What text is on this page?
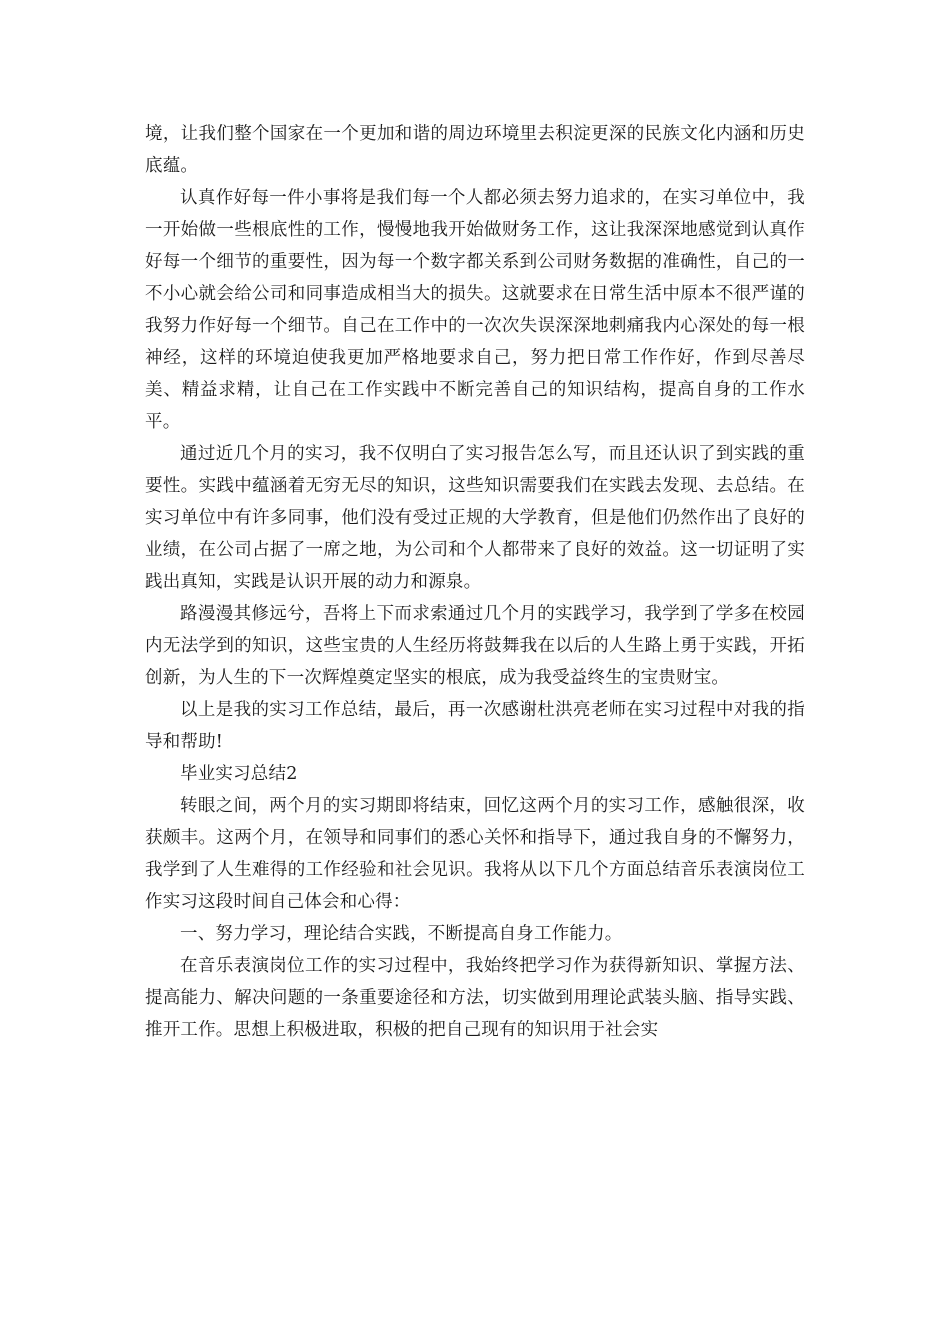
境，让我们整个国家在一个更加和谐的周边环境里去积淀更深的民族文化内涵和历史底蕴。

认真作好每一件小事将是我们每一个人都必须去努力追求的，在实习单位中，我一开始做一些根底性的工作，慢慢地我开始做财务工作，这让我深深地感觉到认真作好每一个细节的重要性，因为每一个数字都关系到公司财务数据的准确性，自己的一不小心就会给公司和同事造成相当大的损失。这就要求在日常生活中原本不很严谨的我努力作好每一个细节。自己在工作中的一次次失误深深地刺痛我内心深处的每一根神经，这样的环境迫使我更加严格地要求自己，努力把日常工作作好，作到尽善尽美、精益求精，让自己在工作实践中不断完善自己的知识结构，提高自身的工作水平。

通过近几个月的实习，我不仅明白了实习报告怎么写，而且还认识了到实践的重要性。实践中蕴涵着无穷无尽的知识，这些知识需要我们在实践去发现、去总结。在实习单位中有许多同事，他们没有受过正规的大学教育，但是他们仍然作出了良好的业绩，在公司占据了一席之地，为公司和个人都带来了良好的效益。这一切证明了实践出真知，实践是认识开展的动力和源泉。

路漫漫其修远兮，吾将上下而求索通过几个月的实践学习，我学到了学多在校园内无法学到的知识，这些宝贵的人生经历将鼓舞我在以后的人生路上勇于实践，开拓创新，为人生的下一次辉煌奠定坚实的根底，成为我受益终生的宝贵财宝。

以上是我的实习工作总结，最后，再一次感谢杜洪亮老师在实习过程中对我的指导和帮助!

毕业实习总结2

转眼之间，两个月的实习期即将结束，回忆这两个月的实习工作，感触很深，收获颇丰。这两个月，在领导和同事们的悉心关怀和指导下，通过我自身的不懈努力，我学到了人生难得的工作经验和社会见识。我将从以下几个方面总结音乐表演岗位工作实习这段时间自己体会和心得：

一、努力学习，理论结合实践，不断提高自身工作能力。

在音乐表演岗位工作的实习过程中，我始终把学习作为获得新知识、掌握方法、提高能力、解决问题的一条重要途径和方法，切实做到用理论武装头脑、指导实践、推开工作。思想上积极进取，积极的把自己现有的知识用于社会实
